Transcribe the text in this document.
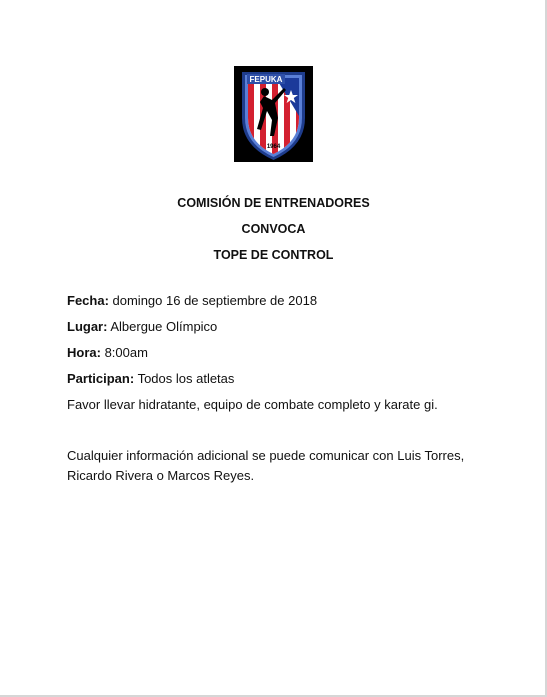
FEPUKA
1964
COMISIÓN DE ENTRENADORES
CONVOCA
TOPE DE CONTROL
Fecha: domingo 16 de septiembre de 2018
Lugar: Albergue Olímpico
Hora: 8:00am
Participan: Todos los atletas
Favor llevar hidratante, equipo de combate completo y karate gi.
Cualquier información adicional se puede comunicar con Luis Torres,
Ricardo Rivera o Marcos Reyes.
